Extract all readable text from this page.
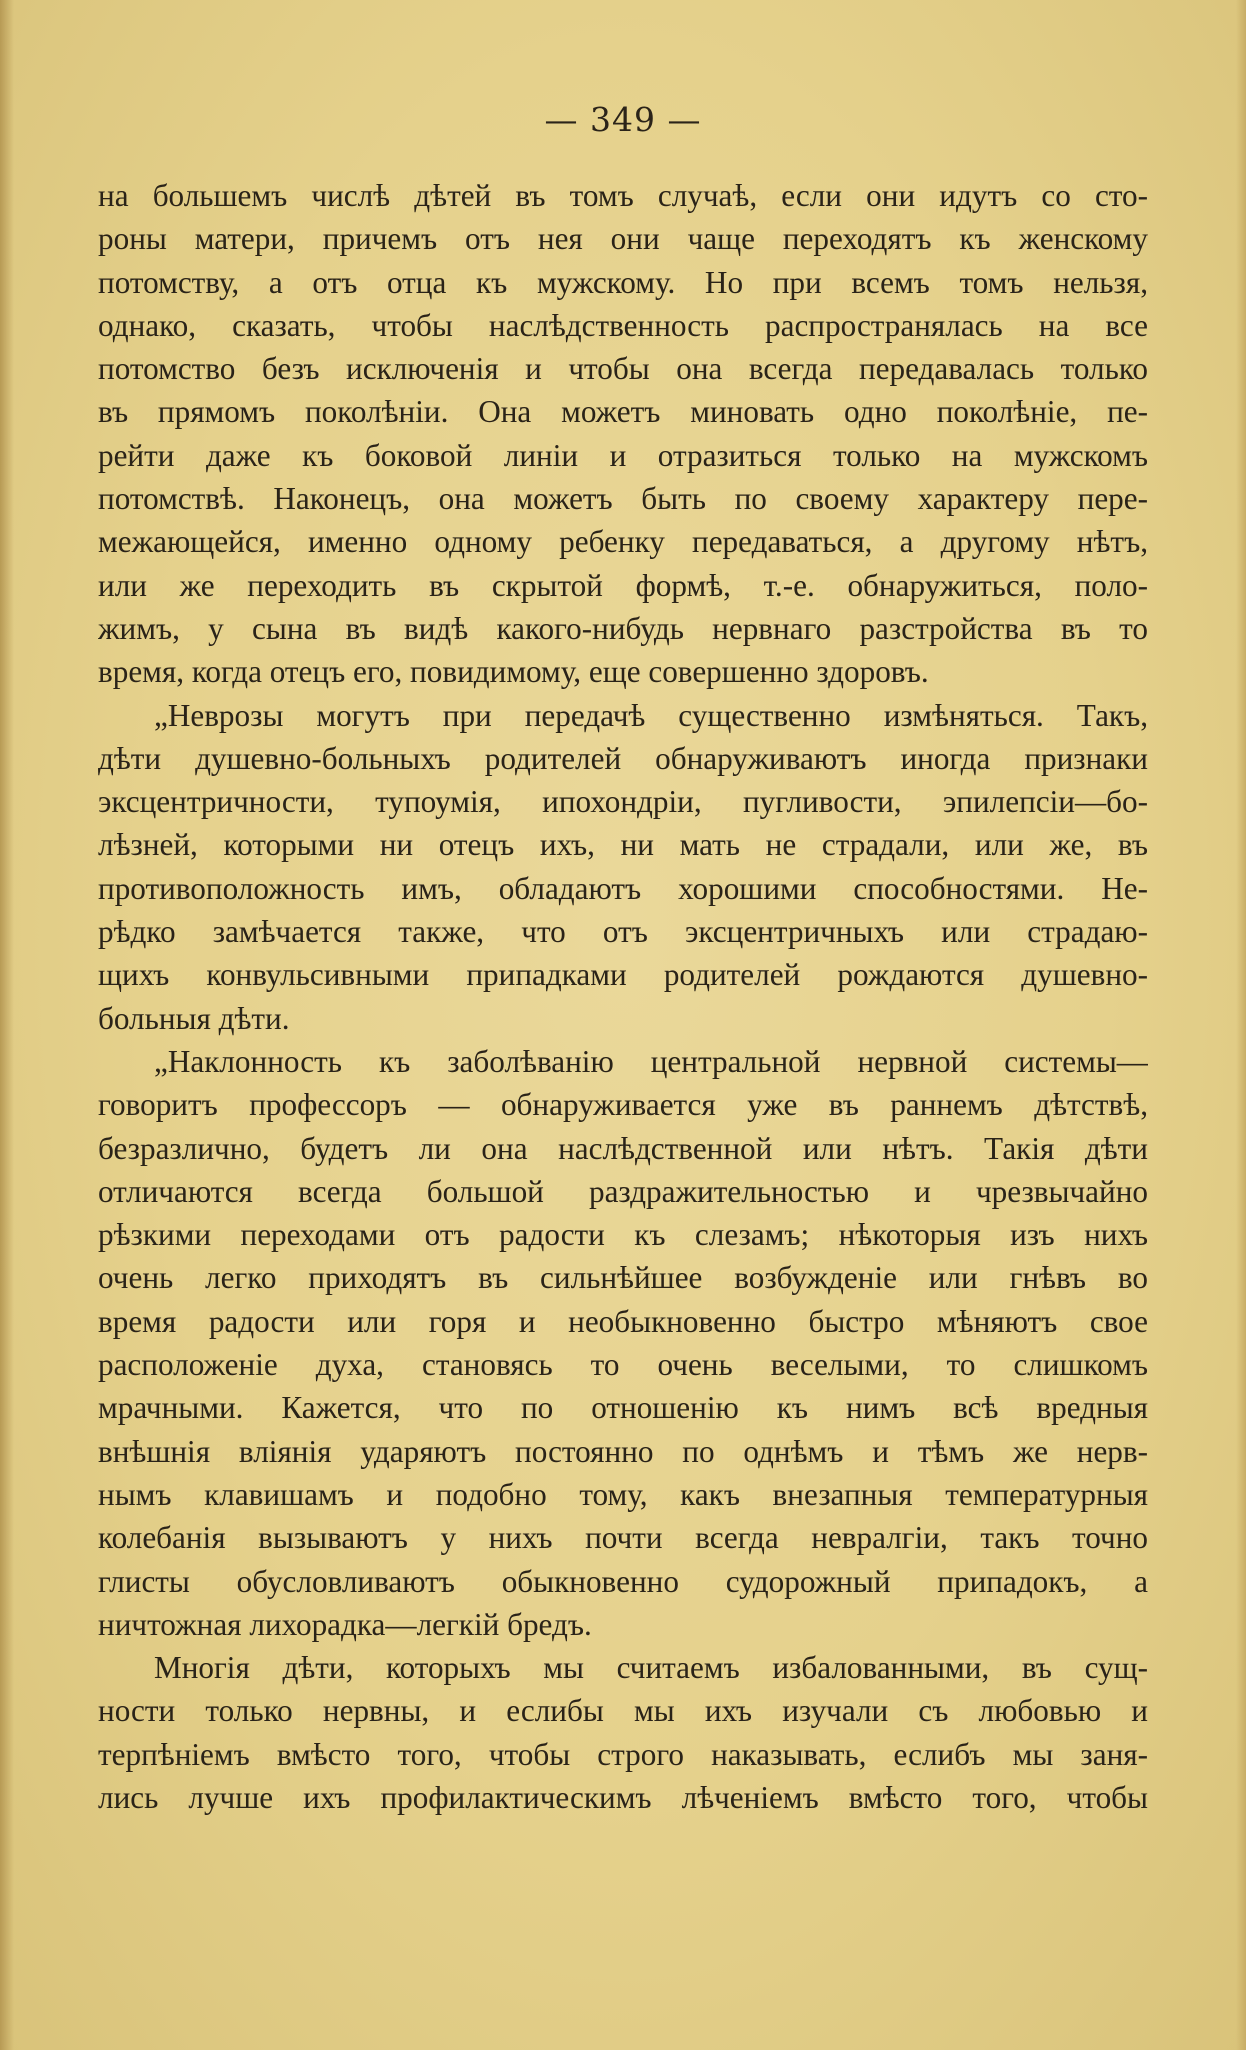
— 349 —
на большемъ числѣ дѣтей въ томъ случаѣ, если они идутъ со сто-
роны матери, причемъ отъ нея они чаще переходятъ къ женскому
потомству, а отъ отца къ мужскому. Но при всемъ томъ нельзя,
однако, сказать, чтобы наслѣдственность распространялась на все
потомство безъ исключенія и чтобы она всегда передавалась только
въ прямомъ поколѣніи. Она можетъ миновать одно поколѣніе, пе-
рейти даже къ боковой линіи и отразиться только на мужскомъ
потомствѣ. Наконецъ, она можетъ быть по своему характеру пере-
межающейся, именно одному ребенку передаваться, а другому нѣтъ,
или же переходить въ скрытой формѣ, т.-е. обнаружиться, поло-
жимъ, у сына въ видѣ какого-нибудь нервнаго разстройства въ то
время, когда отецъ его, повидимому, еще совершенно здоровъ.
„Неврозы могутъ при передачѣ существенно измѣняться. Такъ,
дѣти душевно-больныхъ родителей обнаруживаютъ иногда признаки
эксцентричности, тупоумія, ипохондріи, пугливости, эпилепсіи—бо-
лѣзней, которыми ни отецъ ихъ, ни мать не страдали, или же, въ
противоположность имъ, обладаютъ хорошими способностями. Не-
рѣдко замѣчается также, что отъ эксцентричныхъ или страдаю-
щихъ конвульсивными припадками родителей рождаются душевно-
больныя дѣти.
„Наклонность къ заболѣванію центральной нервной системы—
говоритъ профессоръ — обнаруживается уже въ раннемъ дѣтствѣ,
безразлично, будетъ ли она наслѣдственной или нѣтъ. Такія дѣти
отличаются всегда большой раздражительностью и чрезвычайно
рѣзкими переходами отъ радости къ слезамъ; нѣкоторыя изъ нихъ
очень легко приходятъ въ сильнѣйшее возбужденіе или гнѣвъ во
время радости или горя и необыкновенно быстро мѣняютъ свое
расположеніе духа, становясь то очень веселыми, то слишкомъ
мрачными. Кажется, что по отношенію къ нимъ всѣ вредныя
внѣшнія вліянія ударяютъ постоянно по однѣмъ и тѣмъ же нерв-
нымъ клавишамъ и подобно тому, какъ внезапныя температурныя
колебанія вызываютъ у нихъ почти всегда невралгіи, такъ точно
глисты обусловливаютъ обыкновенно судорожный припадокъ, а
ничтожная лихорадка—легкій бредъ.
Многія дѣти, которыхъ мы считаемъ избалованными, въ сущ-
ности только нервны, и еслибы мы ихъ изучали съ любовью и
терпѣніемъ вмѣсто того, чтобы строго наказывать, еслибъ мы заня-
лись лучше ихъ профилактическимъ лѣченіемъ вмѣсто того, чтобы
